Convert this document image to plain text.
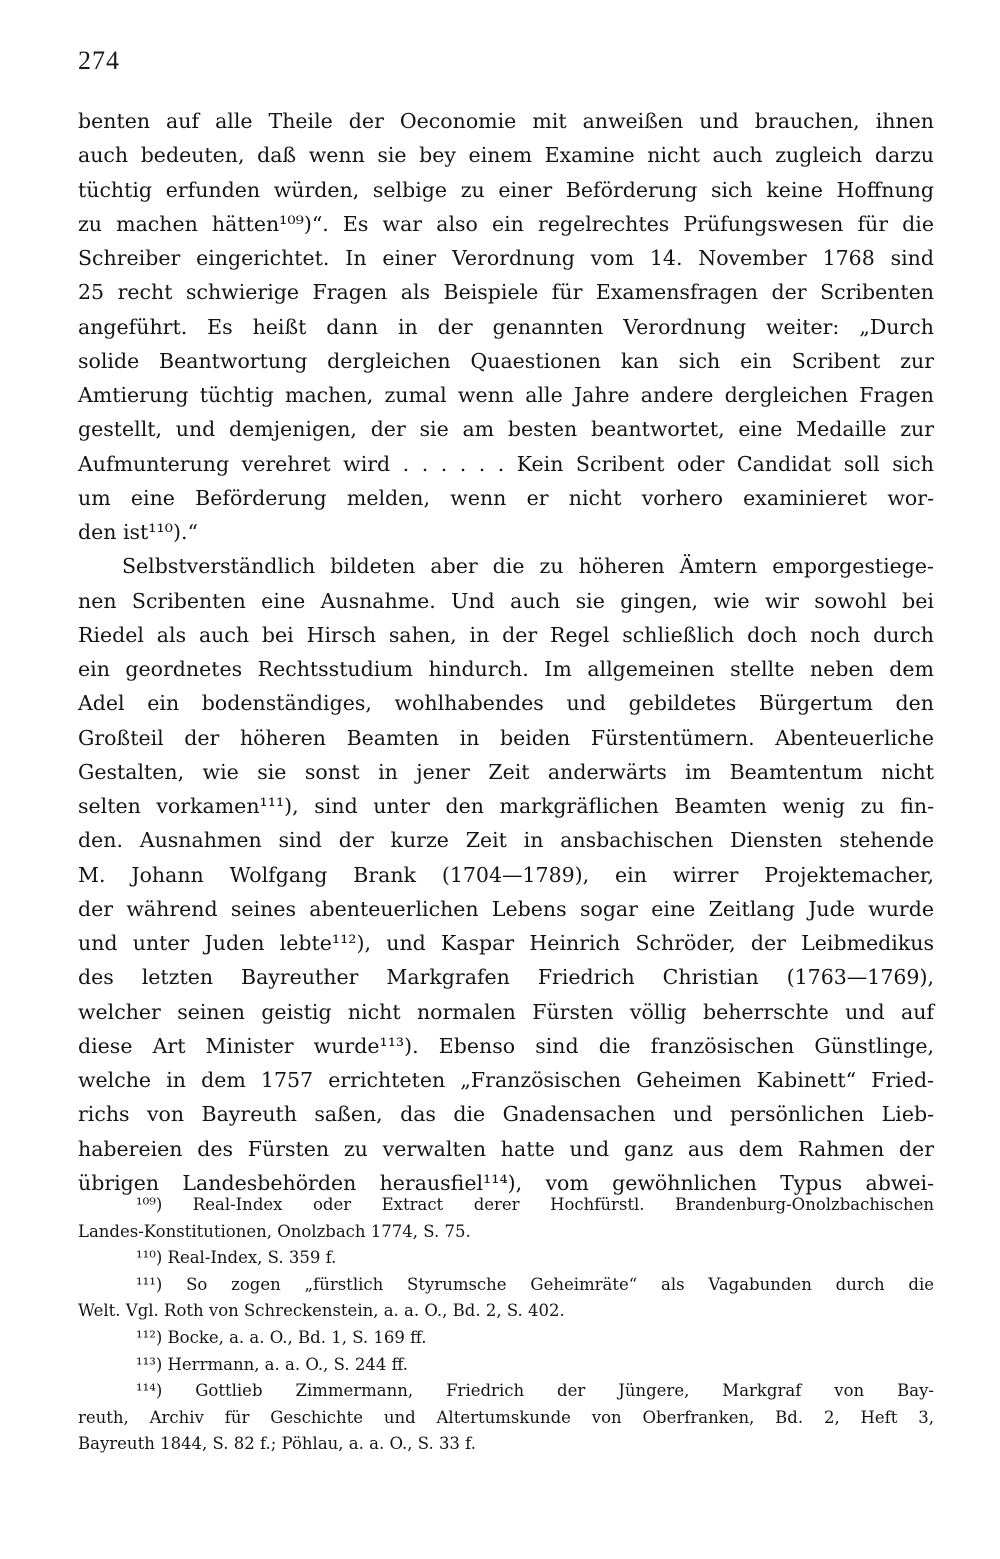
274
benten auf alle Theile der Oeconomie mit anweißen und brauchen, ihnen
auch bedeuten, daß wenn sie bey einem Examine nicht auch zugleich darzu
tüchtig erfunden würden, selbige zu einer Beförderung sich keine Hoffnung
zu machen hätten¹⁰⁹)“. Es war also ein regelrechtes Prüfungswesen für die
Schreiber eingerichtet. In einer Verordnung vom 14. November 1768 sind
25 recht schwierige Fragen als Beispiele für Examensfragen der Scribenten
angeführt. Es heißt dann in der genannten Verordnung weiter: „Durch
solide Beantwortung dergleichen Quaestionen kan sich ein Scribent zur
Amtierung tüchtig machen, zumal wenn alle Jahre andere dergleichen Fragen
gestellt, und demjenigen, der sie am besten beantwortet, eine Medaille zur
Aufmunterung verehret wird . . . . . . Kein Scribent oder Candidat soll sich
um eine Beförderung melden, wenn er nicht vorhero examinieret wor-
den ist¹¹⁰).“
Selbstverständlich bildeten aber die zu höheren Ämtern emporgestiege-
nen Scribenten eine Ausnahme. Und auch sie gingen, wie wir sowohl bei
Riedel als auch bei Hirsch sahen, in der Regel schließlich doch noch durch
ein geordnetes Rechtsstudium hindurch. Im allgemeinen stellte neben dem
Adel ein bodenständiges, wohlhabendes und gebildetes Bürgertum den
Großteil der höheren Beamten in beiden Fürstentümern. Abenteuerliche
Gestalten, wie sie sonst in jener Zeit anderwärts im Beamtentum nicht
selten vorkamen¹¹¹), sind unter den markgräflichen Beamten wenig zu fin-
den. Ausnahmen sind der kurze Zeit in ansbachischen Diensten stehende
M. Johann Wolfgang Brank (1704—1789), ein wirrer Projektemacher,
der während seines abenteuerlichen Lebens sogar eine Zeitlang Jude wurde
und unter Juden lebte¹¹²), und Kaspar Heinrich Schröder, der Leibmedikus
des letzten Bayreuther Markgrafen Friedrich Christian (1763—1769),
welcher seinen geistig nicht normalen Fürsten völlig beherrschte und auf
diese Art Minister wurde¹¹³). Ebenso sind die französischen Günstlinge,
welche in dem 1757 errichteten „Französischen Geheimen Kabinett“ Fried-
richs von Bayreuth saßen, das die Gnadensachen und persönlichen Lieb-
habereien des Fürsten zu verwalten hatte und ganz aus dem Rahmen der
übrigen Landesbehörden herausfiel¹¹⁴), vom gewöhnlichen Typus abwei-
¹⁰⁹) Real-Index oder Extract derer Hochfürstl. Brandenburg-Onolzbachischen
Landes-Konstitutionen, Onolzbach 1774, S. 75.
¹¹⁰) Real-Index, S. 359 f.
¹¹¹) So zogen „fürstlich Styrumsche Geheimräte“ als Vagabunden durch die
Welt. Vgl. Roth von Schreckenstein, a. a. O., Bd. 2, S. 402.
¹¹²) Bocke, a. a. O., Bd. 1, S. 169 ff.
¹¹³) Herrmann, a. a. O., S. 244 ff.
¹¹⁴) Gottlieb Zimmermann, Friedrich der Jüngere, Markgraf von Bay-
reuth, Archiv für Geschichte und Altertumskunde von Oberfranken, Bd. 2, Heft 3,
Bayreuth 1844, S. 82 f.; Pöhlau, a. a. O., S. 33 f.
